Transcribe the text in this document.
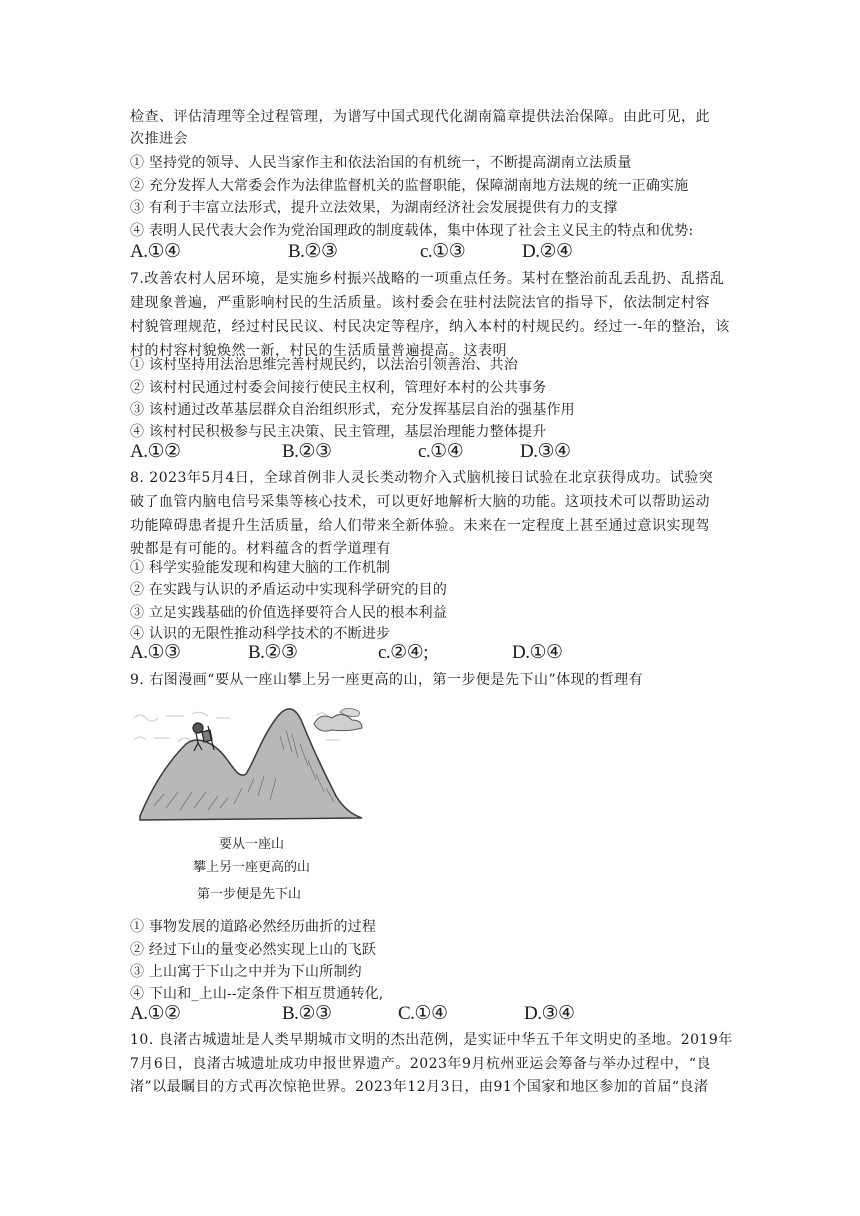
检查、评估清理等全过程管理，为谱写中国式现代化湖南篇章提供法治保障。由此可见，此
次推进会
① 坚持党的领导、人民当家作主和依法治国的有机统一，不断提高湖南立法质量
② 充分发挥人大常委会作为法律监督机关的监督职能，保障湖南地方法规的统一正确实施
③ 有利于丰富立法形式，提升立法效果，为湖南经济社会发展提供有力的支撑
④ 表明人民代表大会作为党治国理政的制度载体，集中体现了社会主义民主的特点和优势:
A.①④	B.②③	c.①③	D.②④
7.改善农村人居环境，是实施乡村振兴战略的一项重点任务。某村在整治前乱丢乱扔、乱搭乱
建现象普遍，严重影响村民的生活质量。该村委会在驻村法院法官的指导下，依法制定村容
村貌管理规范，经过村民民议、村民决定等程序，纳入本村的村规民约。经过一-年的整治，该
村的村容村貌焕然一新，村民的生活质量普遍提高。这表明
① 该村坚持用法治思维完善村规民约，以法治引领善治、共治
② 该村村民通过村委会间接行使民主权利，管理好本村的公共事务
③ 该村通过改革基层群众自治组织形式，充分发挥基层自治的强基作用
④ 该村村民积极参与民主决策、民主管理，基层治理能力整体提升
A.①②	B.②③	c.①④	D.③④
8. 2023年5月4日，全球首例非人灵长类动物介入式脑机接日试验在北京获得成功。试验突
破了血管内脑电信号采集等核心技术，可以更好地解析大脑的功能。这项技术可以帮助运动
功能障碍患者提升生活质量，给人们带来全新体验。未来在一定程度上甚至通过意识实现驾
驶都是有可能的。材料蕴含的哲学道理有
① 科学实验能发现和构建大脑的工作机制
② 在实践与认识的矛盾运动中实现科学研究的目的
③ 立足实践基础的价值选择要符合人民的根本利益
④ 认识的无限性推动科学技术的不断进步
A.①③	B.②③	c.②④;	D.①④
9. 右图漫画“要从一座山攀上另一座更高的山，第一步便是先下山”体现的哲理有
要从一座山
攀上另一座更高的山
第一步便是先下山
① 事物发展的道路必然经历曲折的过程
② 经过下山的量变必然实现上山的飞跃
③ 上山寓于下山之中并为下山所制约
④ 下山和_上山--定条件下相互贯通转化,
A.①②	B.②③	C.①④	D.③④
10. 良渚古城遗址是人类早期城市文明的杰出范例，是实证中华五千年文明史的圣地。2019年
7月6日，良渚古城遗址成功申报世界遗产。2023年9月杭州亚运会筹备与举办过程中，“良
渚”以最瞩目的方式再次惊艳世界。2023年12月3日，由91个国家和地区参加的首届“良渚
